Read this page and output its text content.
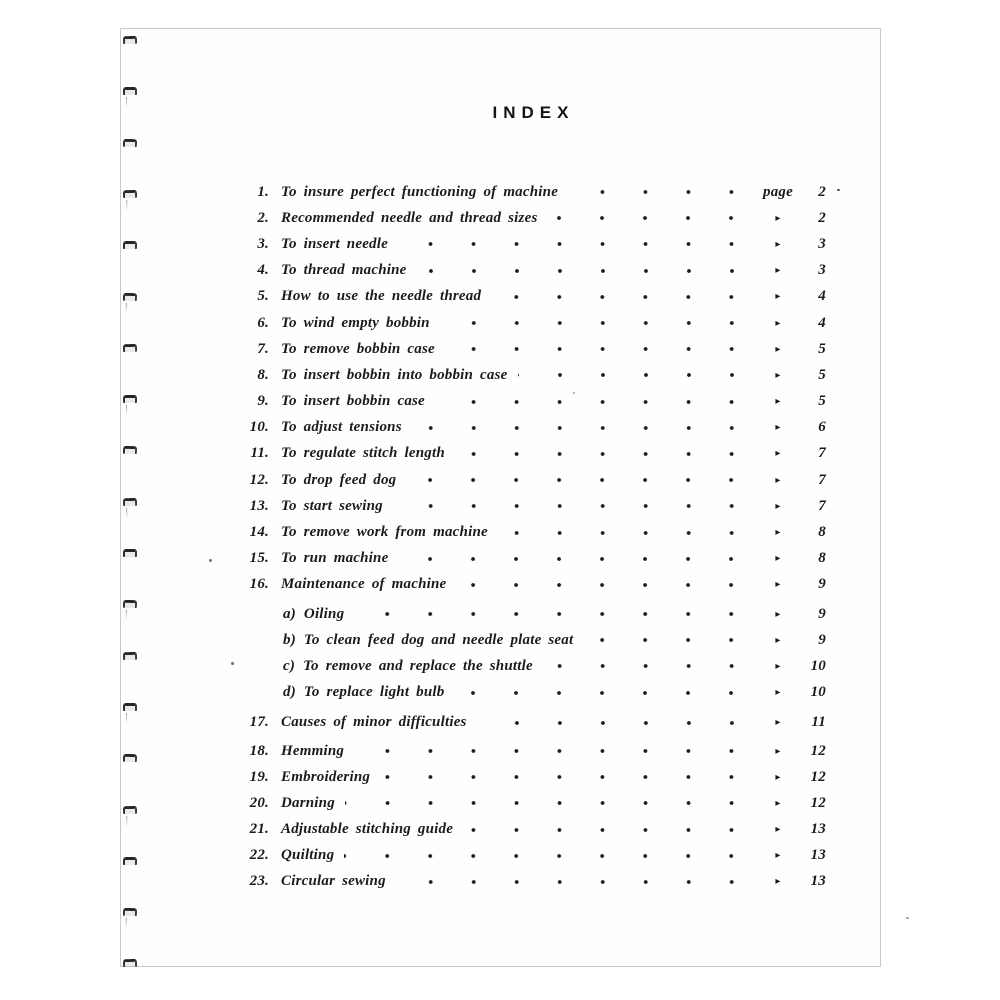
INDEX
1. To insure perfect functioning of machine	page	2
2. Recommended needle and thread sizes	▸	2
3. To insert needle	▸	3
4. To thread machine	▸	3
5. How to use the needle thread	▸	4
6. To wind empty bobbin	▸	4
7. To remove bobbin case	▸	5
8. To insert bobbin into bobbin case	▸	5
9. To insert bobbin case	▸	5
10. To adjust tensions	▸	6
11. To regulate stitch length	▸	7
12. To drop feed dog	▸	7
13. To start sewing	▸	7
14. To remove work from machine	▸	8
15. To run machine	▸	8
16. Maintenance of machine	▸	9
a) Oiling	▸	9
b) To clean feed dog and needle plate seat	▸	9
c) To remove and replace the shuttle	▸	10
d) To replace light bulb	▸	10
17. Causes of minor difficulties	▸	11
18. Hemming	▸	12
19. Embroidering	▸	12
20. Darning	▸	12
21. Adjustable stitching guide	▸	13
22. Quilting	▸	13
23. Circular sewing	▸	13
